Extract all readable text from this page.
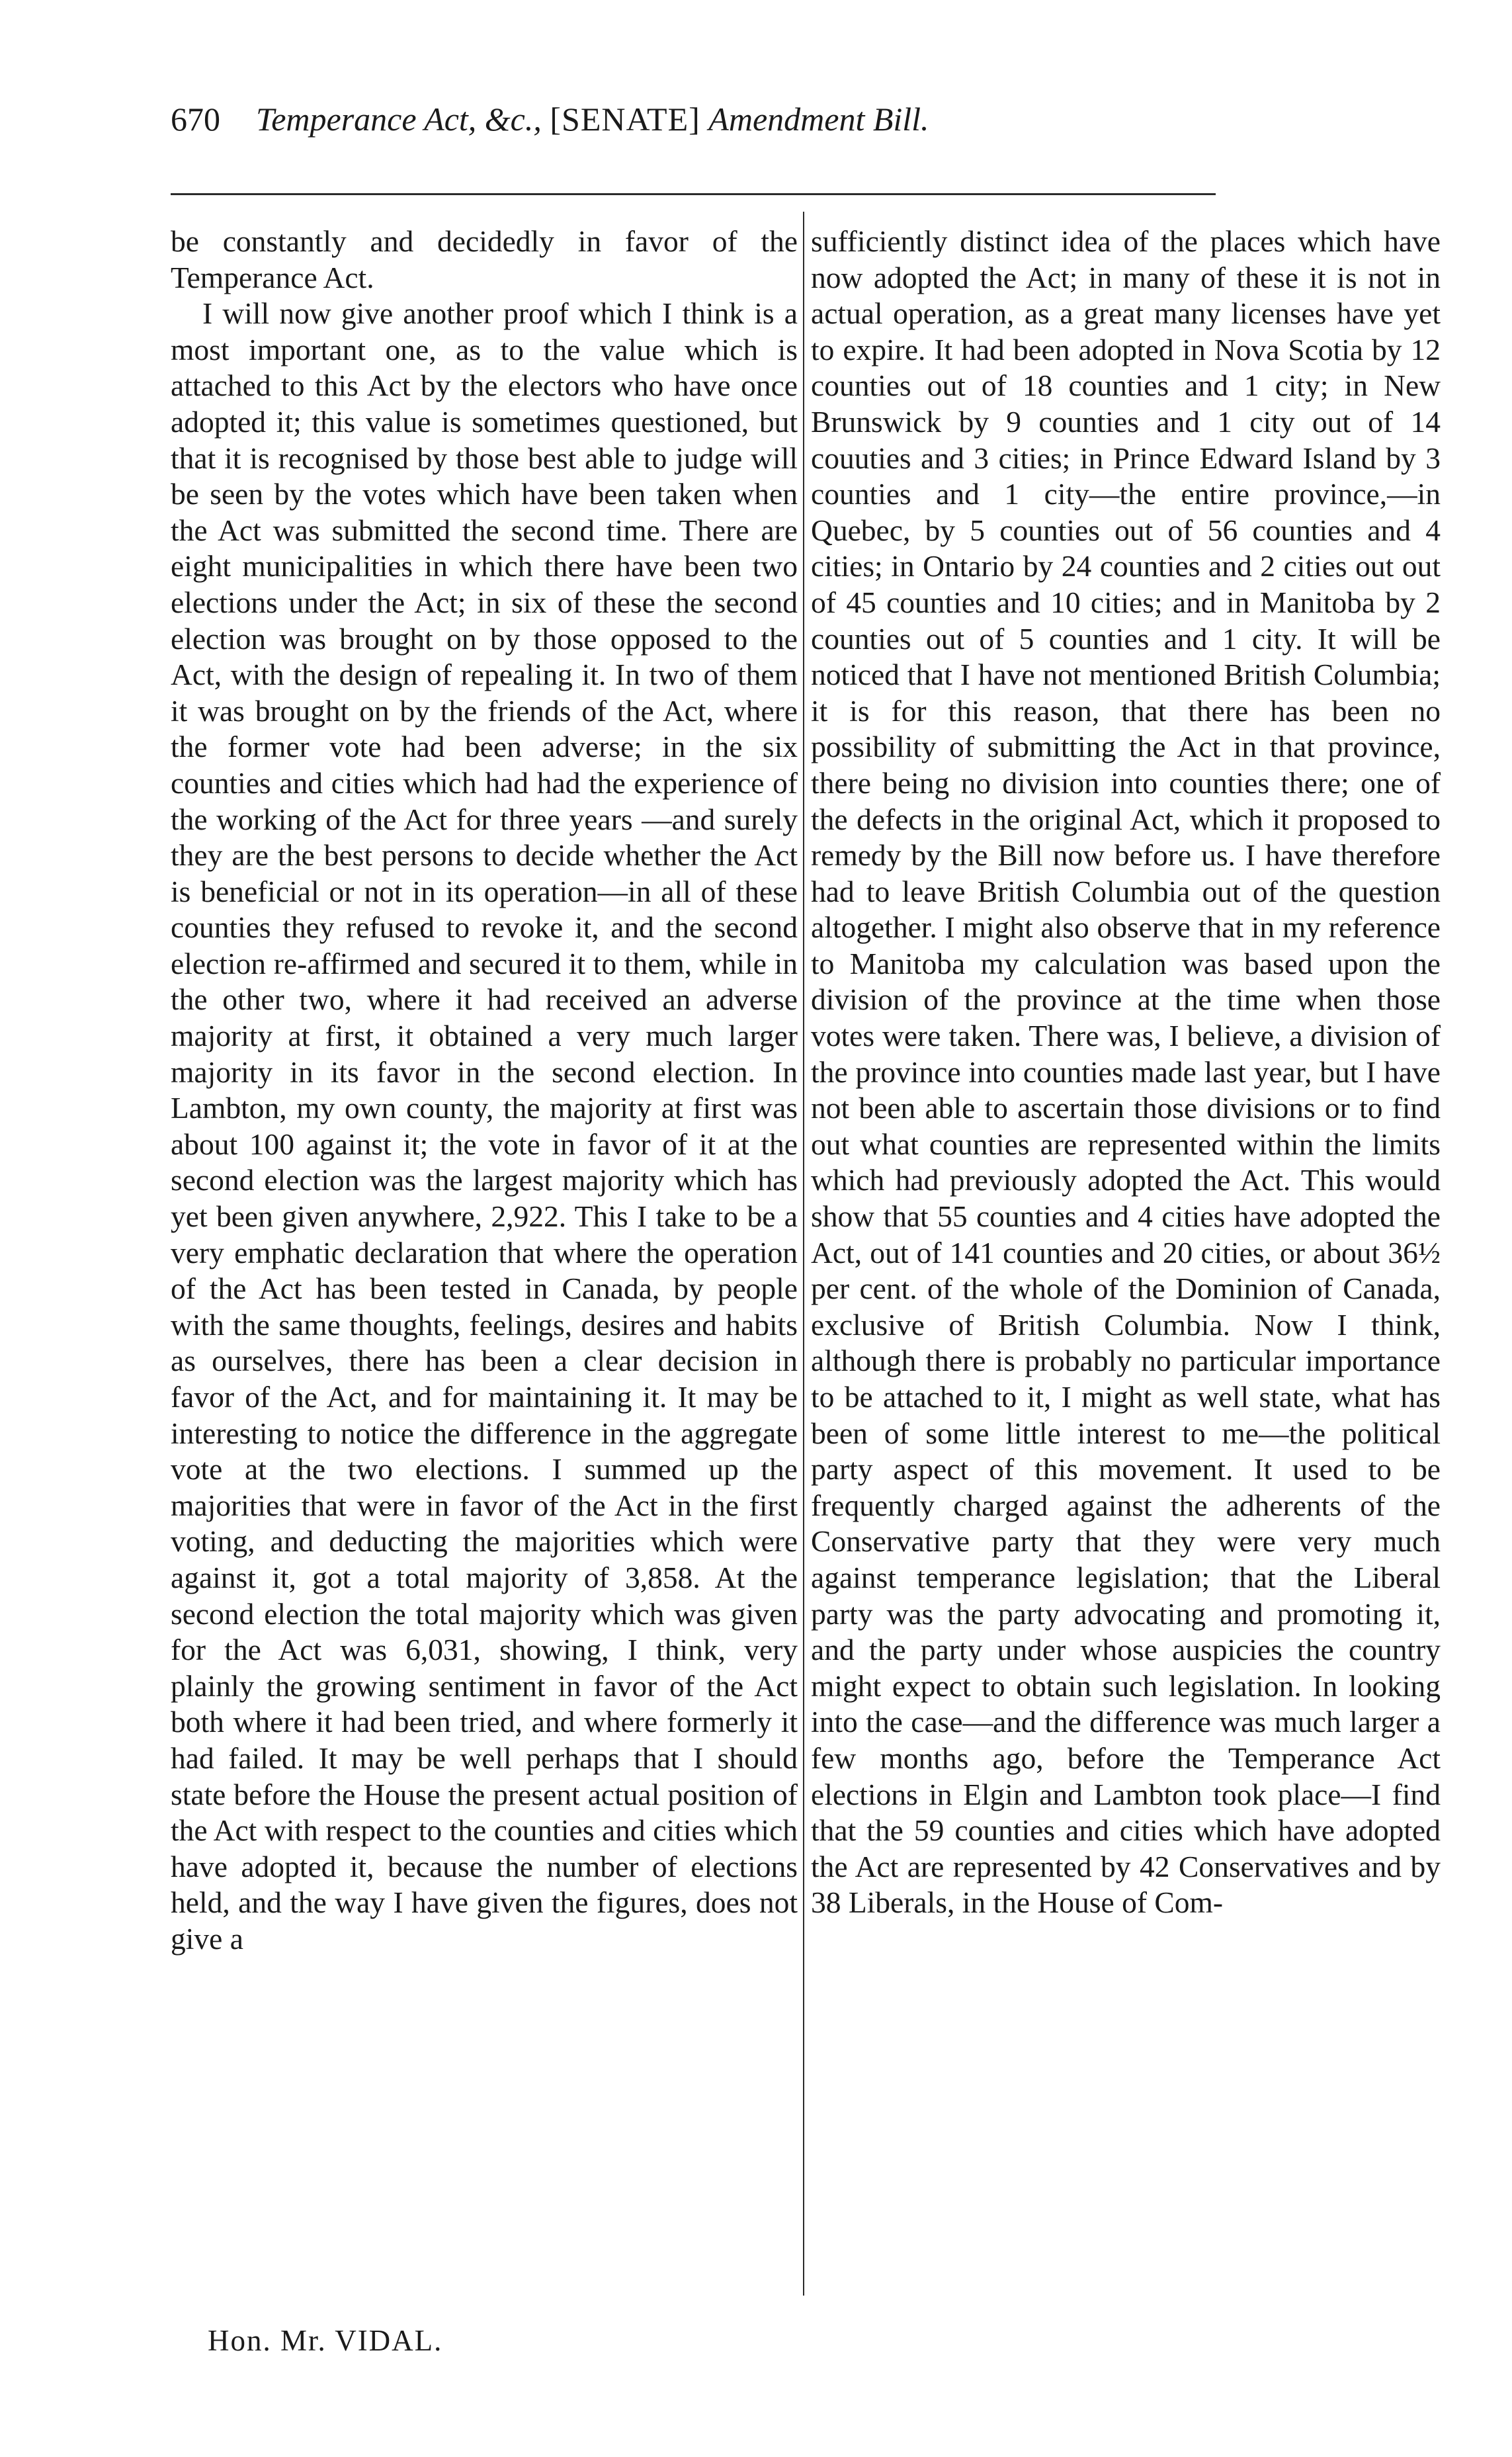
670 Temperance Act, &c., [SENATE] Amendment Bill.

be constantly and decidedly in favor of the Temperance Act.

I will now give another proof which I think is a most important one, as to the value which is attached to this Act by the electors who have once adopted it; this value is sometimes questioned, but that it is recognised by those best able to judge will be seen by the votes which have been taken when the Act was submitted the second time. There are eight municipalities in which there have been two elections under the Act; in six of these the second election was brought on by those opposed to the Act, with the design of repealing it. In two of them it was brought on by the friends of the Act, where the former vote had been adverse; in the six counties and cities which had had the experience of the working of the Act for three years —and surely they are the best persons to decide whether the Act is beneficial or not in its operation—in all of these counties they refused to revoke it, and the second election re-affirmed and secured it to them, while in the other two, where it had received an adverse majority at first, it obtained a very much larger majority in its favor in the second election. In Lambton, my own county, the majority at first was about 100 against it; the vote in favor of it at the second election was the largest majority which has yet been given anywhere, 2,922. This I take to be a very emphatic declaration that where the operation of the Act has been tested in Canada, by people with the same thoughts, feelings, desires and habits as ourselves, there has been a clear decision in favor of the Act, and for maintaining it. It may be interesting to notice the difference in the aggregate vote at the two elections. I summed up the majorities that were in favor of the Act in the first voting, and deducting the majorities which were against it, got a total majority of 3,858. At the second election the total majority which was given for the Act was 6,031, showing, I think, very plainly the growing sentiment in favor of the Act both where it had been tried, and where formerly it had failed. It may be well perhaps that I should state before the House the present actual position of the Act with respect to the counties and cities which have adopted it, because the number of elections held, and the way I have given the figures, does not give a

sufficiently distinct idea of the places which have now adopted the Act; in many of these it is not in actual operation, as a great many licenses have yet to expire. It had been adopted in Nova Scotia by 12 counties out of 18 counties and 1 city; in New Brunswick by 9 counties and 1 city out of 14 couuties and 3 cities; in Prince Edward Island by 3 counties and 1 city—the entire province,—in Quebec, by 5 counties out of 56 counties and 4 cities; in Ontario by 24 counties and 2 cities out out of 45 counties and 10 cities; and in Manitoba by 2 counties out of 5 counties and 1 city. It will be noticed that I have not mentioned British Columbia; it is for this reason, that there has been no possibility of submitting the Act in that province, there being no division into counties there; one of the defects in the original Act, which it proposed to remedy by the Bill now before us. I have therefore had to leave British Columbia out of the question altogether. I might also observe that in my reference to Manitoba my calculation was based upon the division of the province at the time when those votes were taken. There was, I believe, a division of the province into counties made last year, but I have not been able to ascertain those divisions or to find out what counties are represented within the limits which had previously adopted the Act. This would show that 55 counties and 4 cities have adopted the Act, out of 141 counties and 20 cities, or about 36½ per cent. of the whole of the Dominion of Canada, exclusive of British Columbia. Now I think, although there is probably no particular importance to be attached to it, I might as well state, what has been of some little interest to me—the political party aspect of this movement. It used to be frequently charged against the adherents of the Conservative party that they were very much against temperance legislation; that the Liberal party was the party advocating and promoting it, and the party under whose auspicies the country might expect to obtain such legislation. In looking into the case—and the difference was much larger a few months ago, before the Temperance Act elections in Elgin and Lambton took place—I find that the 59 counties and cities which have adopted the Act are represented by 42 Conservatives and by 38 Liberals, in the House of Com-

Hon. Mr. VIDAL.
